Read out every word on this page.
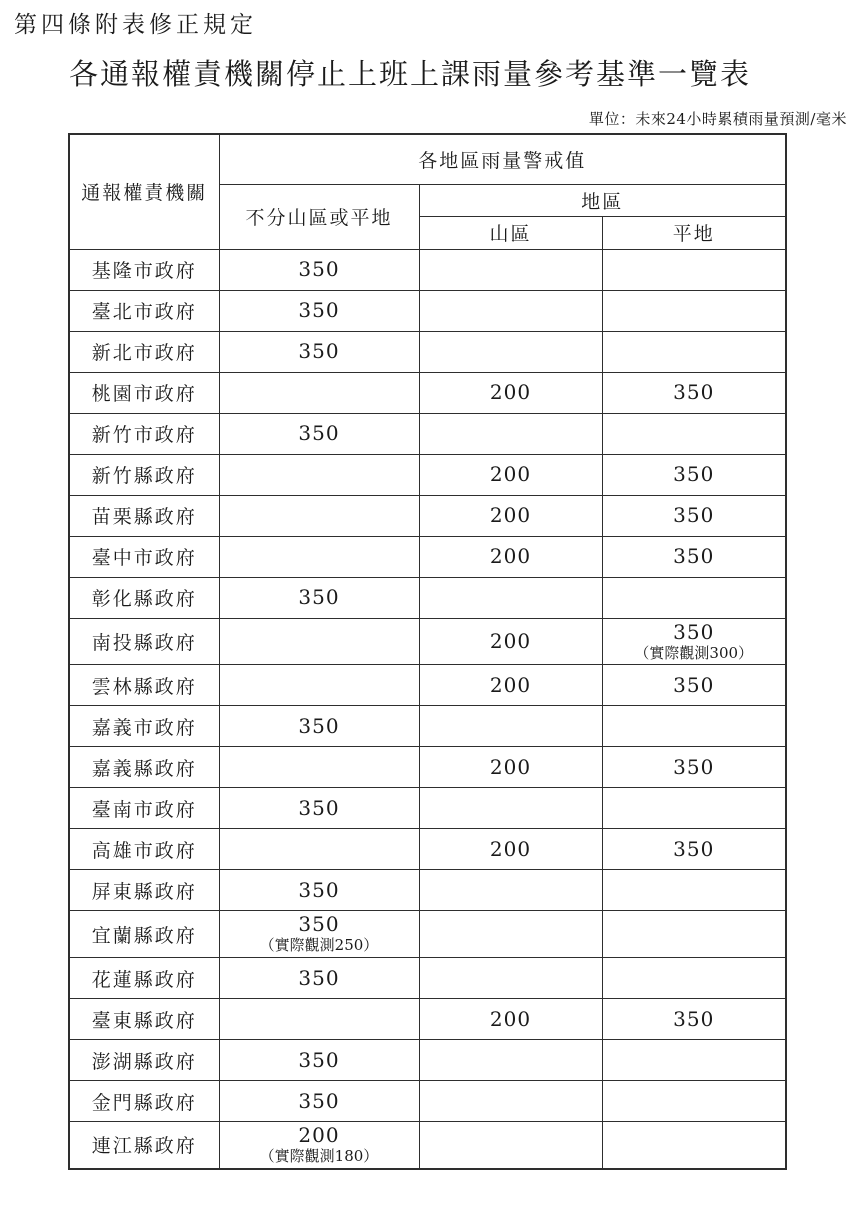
第四條附表修正規定
各通報權責機關停止上班上課雨量參考基準一覽表
單位：未來24小時累積雨量預測/毫米
通報權責機關	各地區雨量警戒值		
	不分山區或平地	地區	
		山區	平地
基隆市政府	350		

臺北市政府	350		

新北市政府	350		

桃園市政府		200	350

新竹市政府	350		

新竹縣政府		200	350

苗栗縣政府		200	350

臺中市政府		200	350

彰化縣政府	350		

南投縣政府		200	350
（實際觀測300）

雲林縣政府		200	350

嘉義市政府	350		

嘉義縣政府		200	350

臺南市政府	350		

高雄市政府		200	350

屏東縣政府	350		

宜蘭縣政府	350
（實際觀測250）		

花蓮縣政府	350		

臺東縣政府		200	350

澎湖縣政府	350		

金門縣政府	350		

連江縣政府	200
（實際觀測180）		
